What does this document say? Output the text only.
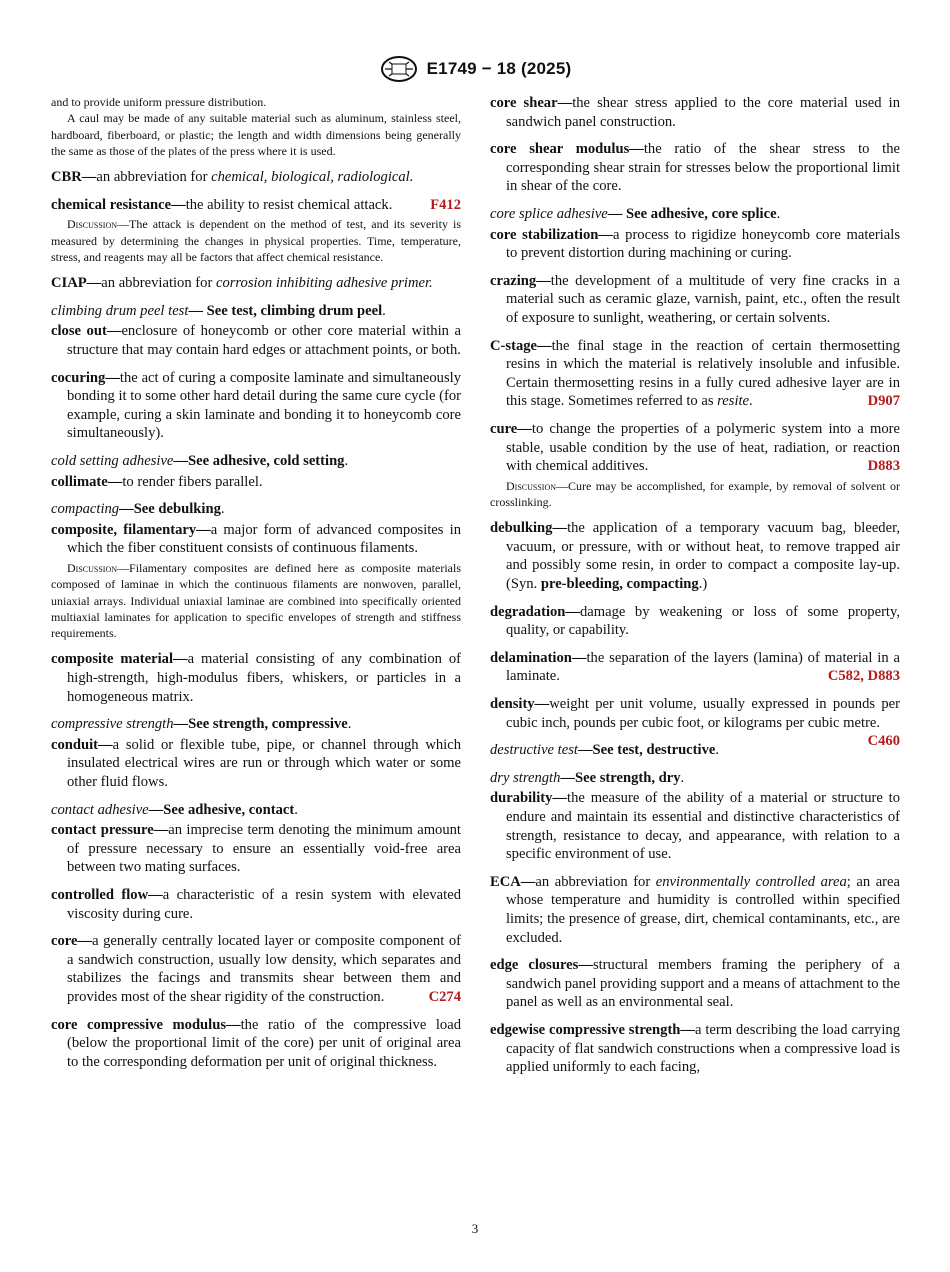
E1749 − 18 (2025)

and to provide uniform pressure distribution.

A caul may be made of any suitable material such as aluminum, stainless steel, hardboard, fiberboard, or plastic; the length and width dimensions being generally the same as those of the plates of the press where it is used.

CBR—an abbreviation for chemical, biological, radiological.

chemical resistance—the ability to resist chemical attack.	F412

Discussion—The attack is dependent on the method of test, and its severity is measured by determining the changes in physical properties. Time, temperature, stress, and reagents may all be factors that affect chemical resistance.

CIAP—an abbreviation for corrosion inhibiting adhesive primer.

climbing drum peel test— See test, climbing drum peel.

close out—enclosure of honeycomb or other core material within a structure that may contain hard edges or attachment points, or both.

cocuring—the act of curing a composite laminate and simultaneously bonding it to some other hard detail during the same cure cycle (for example, curing a skin laminate and bonding it to honeycomb core simultaneously).

cold setting adhesive—See adhesive, cold setting.

collimate—to render fibers parallel.

compacting—See debulking.

composite, filamentary—a major form of advanced composites in which the fiber constituent consists of continuous filaments.

Discussion—Filamentary composites are defined here as composite materials composed of laminae in which the continuous filaments are nonwoven, parallel, uniaxial arrays. Individual uniaxial laminae are combined into specifically oriented multiaxial laminates for application to specific envelopes of strength and stiffness requirements.

composite material—a material consisting of any combination of high-strength, high-modulus fibers, whiskers, or particles in a homogeneous matrix.

compressive strength—See strength, compressive.

conduit—a solid or flexible tube, pipe, or channel through which insulated electrical wires are run or through which water or some other fluid flows.

contact adhesive—See adhesive, contact.

contact pressure—an imprecise term denoting the minimum amount of pressure necessary to ensure an essentially void-free area between two mating surfaces.

controlled flow—a characteristic of a resin system with elevated viscosity during cure.

core—a generally centrally located layer or composite component of a sandwich construction, usually low density, which separates and stabilizes the facings and transmits shear between them and provides most of the shear rigidity of the construction.	C274

core compressive modulus—the ratio of the compressive load (below the proportional limit of the core) per unit of original area to the corresponding deformation per unit of original thickness.

core shear—the shear stress applied to the core material used in sandwich panel construction.

core shear modulus—the ratio of the shear stress to the corresponding shear strain for stresses below the proportional limit in shear of the core.

core splice adhesive— See adhesive, core splice.

core stabilization—a process to rigidize honeycomb core materials to prevent distortion during machining or curing.

crazing—the development of a multitude of very fine cracks in a material such as ceramic glaze, varnish, paint, etc., often the result of exposure to sunlight, weathering, or certain solvents.

C-stage—the final stage in the reaction of certain thermosetting resins in which the material is relatively insoluble and infusible. Certain thermosetting resins in a fully cured adhesive layer are in this stage. Sometimes referred to as resite.	D907

cure—to change the properties of a polymeric system into a more stable, usable condition by the use of heat, radiation, or reaction with chemical additives.	D883

Discussion—Cure may be accomplished, for example, by removal of solvent or crosslinking.

debulking—the application of a temporary vacuum bag, bleeder, vacuum, or pressure, with or without heat, to remove trapped air and possibly some resin, in order to compact a composite lay-up. (Syn. pre-bleeding, compacting.)

degradation—damage by weakening or loss of some property, quality, or capability.

delamination—the separation of the layers (lamina) of material in a laminate.	C582, D883

density—weight per unit volume, usually expressed in pounds per cubic inch, pounds per cubic foot, or kilograms per cubic metre.
C460

destructive test—See test, destructive.

dry strength—See strength, dry.

durability—the measure of the ability of a material or structure to endure and maintain its essential and distinctive characteristics of strength, resistance to decay, and appearance, with relation to a specific environment of use.

ECA—an abbreviation for environmentally controlled area; an area whose temperature and humidity is controlled within specified limits; the presence of grease, dirt, chemical contaminants, etc., are excluded.

edge closures—structural members framing the periphery of a sandwich panel providing support and a means of attachment to the panel as well as an environmental seal.

edgewise compressive strength—a term describing the load carrying capacity of flat sandwich constructions when a compressive load is applied uniformly to each facing,

3
